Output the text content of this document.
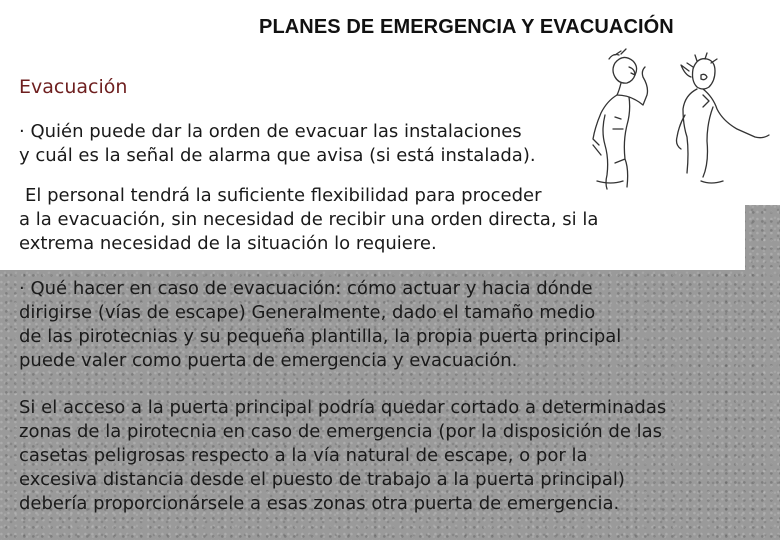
PLANES DE EMERGENCIA Y EVACUACIÓN
Evacuación
· Quién puede dar la orden de evacuar las instalaciones
y cuál es la señal de alarma que avisa (si está instalada).
El personal tendrá la suficiente flexibilidad para proceder
a la evacuación, sin necesidad de recibir una orden directa, si la
extrema necesidad de la situación lo requiere.
· Qué hacer en caso de evacuación: cómo actuar y hacia dónde
dirigirse (vías de escape) Generalmente, dado el tamaño medio
de las pirotecnias y su pequeña plantilla, la propia puerta principal
puede valer como puerta de emergencia y evacuación.
Si el acceso a la puerta principal podría quedar cortado a determinadas
zonas de la pirotecnia en caso de emergencia (por la disposición de las
casetas peligrosas respecto a la vía natural de escape, o por la
excesiva distancia desde el puesto de trabajo a la puerta principal)
debería proporcionársele a esas zonas otra puerta de emergencia.
